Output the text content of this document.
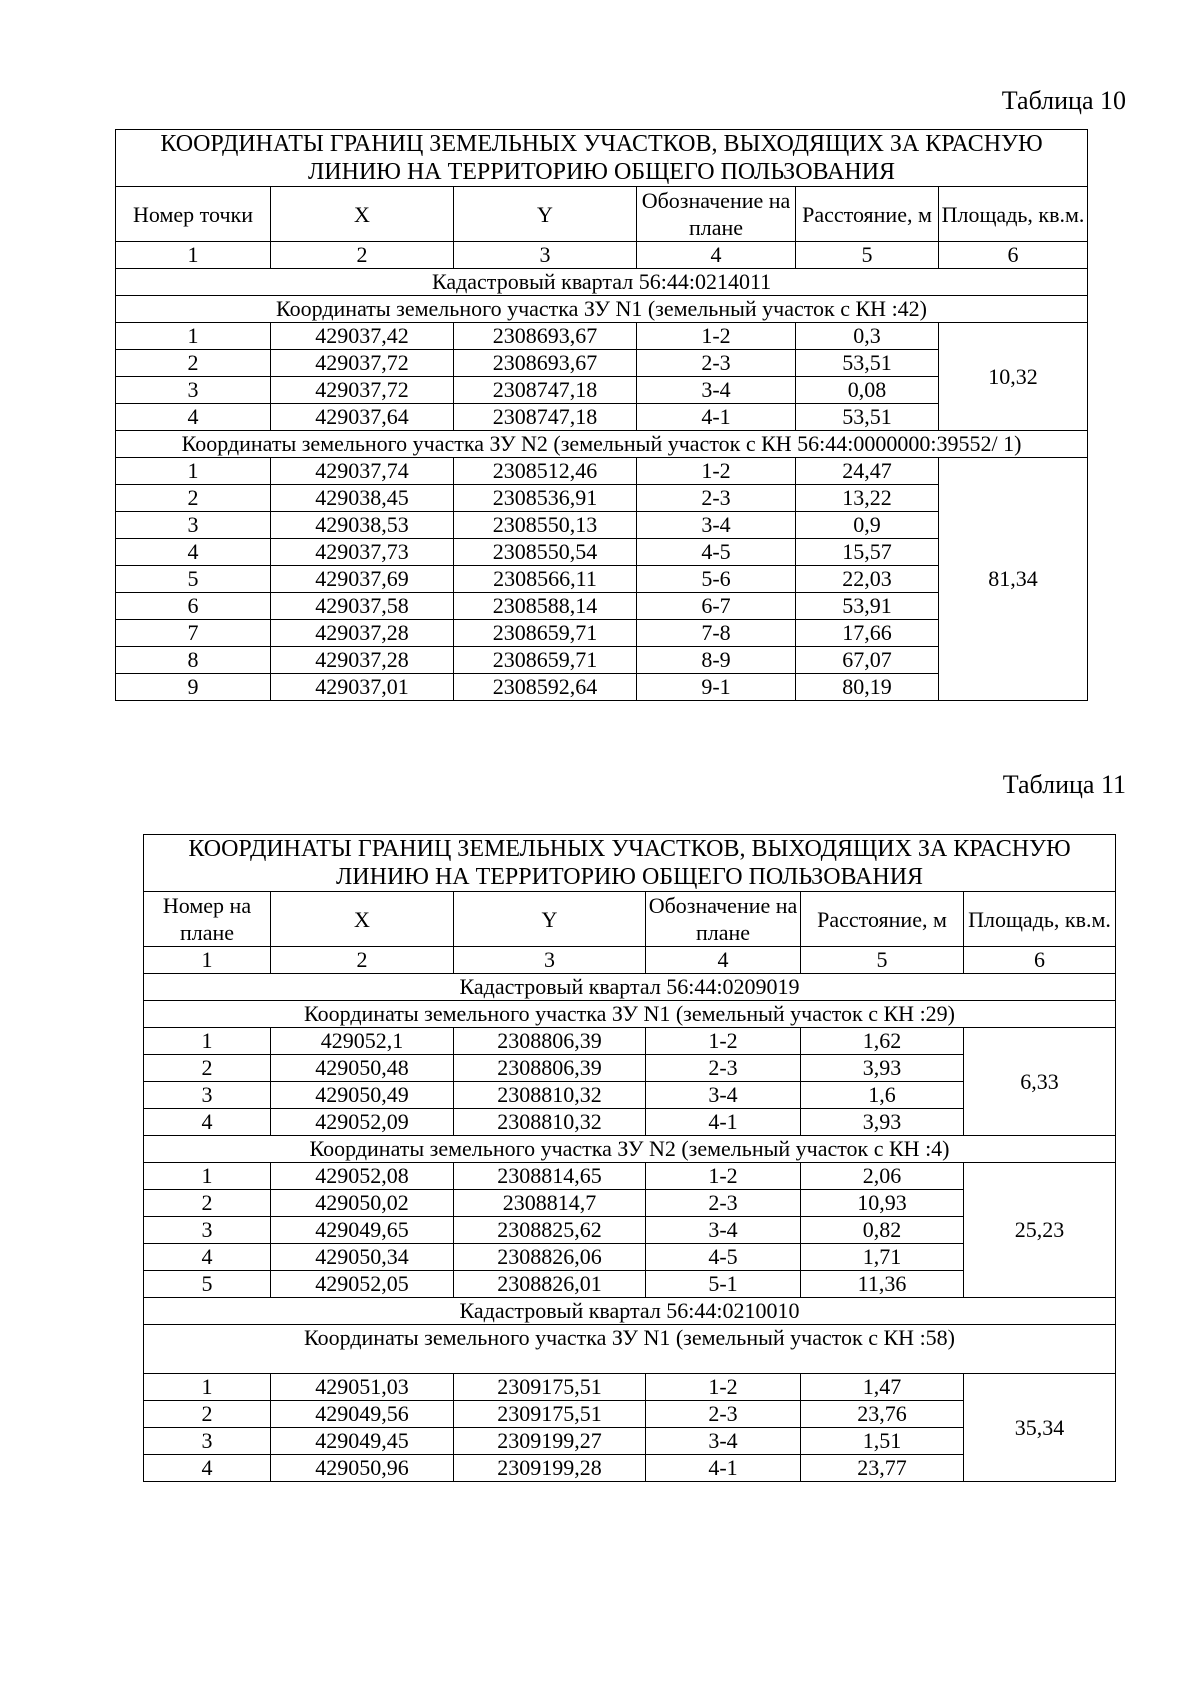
Таблица 10
КООРДИНАТЫ ГРАНИЦ ЗЕМЕЛЬНЫХ УЧАСТКОВ, ВЫХОДЯЩИХ ЗА КРАСНУЮ ЛИНИЮ НА ТЕРРИТОРИЮ ОБЩЕГО ПОЛЬЗОВАНИЯ					
Номер точки	X	Y	Обозначение на плане	Расстояние, м	Площадь, кв.м.
1	2	3	4	5	6
Кадастровый квартал 56:44:0214011					
Координаты земельного участка ЗУ N1 (земельный участок с КН :42)					
1	429037,42	2308693,67	1-2	0,3	10,32
2	429037,72	2308693,67	2-3	53,51	
3	429037,72	2308747,18	3-4	0,08	
4	429037,64	2308747,18	4-1	53,51	
Координаты земельного участка ЗУ N2 (земельный участок с КН 56:44:0000000:39552/ 1)					
1	429037,74	2308512,46	1-2	24,47	81,34
2	429038,45	2308536,91	2-3	13,22	
3	429038,53	2308550,13	3-4	0,9	
4	429037,73	2308550,54	4-5	15,57	
5	429037,69	2308566,11	5-6	22,03	
6	429037,58	2308588,14	6-7	53,91	
7	429037,28	2308659,71	7-8	17,66	
8	429037,28	2308659,71	8-9	67,07	
9	429037,01	2308592,64	9-1	80,19	
Таблица 11
КООРДИНАТЫ ГРАНИЦ ЗЕМЕЛЬНЫХ УЧАСТКОВ, ВЫХОДЯЩИХ ЗА КРАСНУЮ ЛИНИЮ НА ТЕРРИТОРИЮ ОБЩЕГО ПОЛЬЗОВАНИЯ					
Номер на плане	X	Y	Обозначение на плане	Расстояние, м	Площадь, кв.м.
1	2	3	4	5	6
Кадастровый квартал 56:44:0209019					
Координаты земельного участка ЗУ N1 (земельный участок с КН :29)					
1	429052,1	2308806,39	1-2	1,62	6,33
2	429050,48	2308806,39	2-3	3,93	
3	429050,49	2308810,32	3-4	1,6	
4	429052,09	2308810,32	4-1	3,93	
Координаты земельного участка ЗУ N2 (земельный участок с КН :4)					
1	429052,08	2308814,65	1-2	2,06	25,23
2	429050,02	2308814,7	2-3	10,93	
3	429049,65	2308825,62	3-4	0,82	
4	429050,34	2308826,06	4-5	1,71	
5	429052,05	2308826,01	5-1	11,36	
Кадастровый квартал 56:44:0210010					
Координаты земельного участка ЗУ N1 (земельный участок с КН :58)					
1	429051,03	2309175,51	1-2	1,47	35,34
2	429049,56	2309175,51	2-3	23,76	
3	429049,45	2309199,27	3-4	1,51	
4	429050,96	2309199,28	4-1	23,77	
